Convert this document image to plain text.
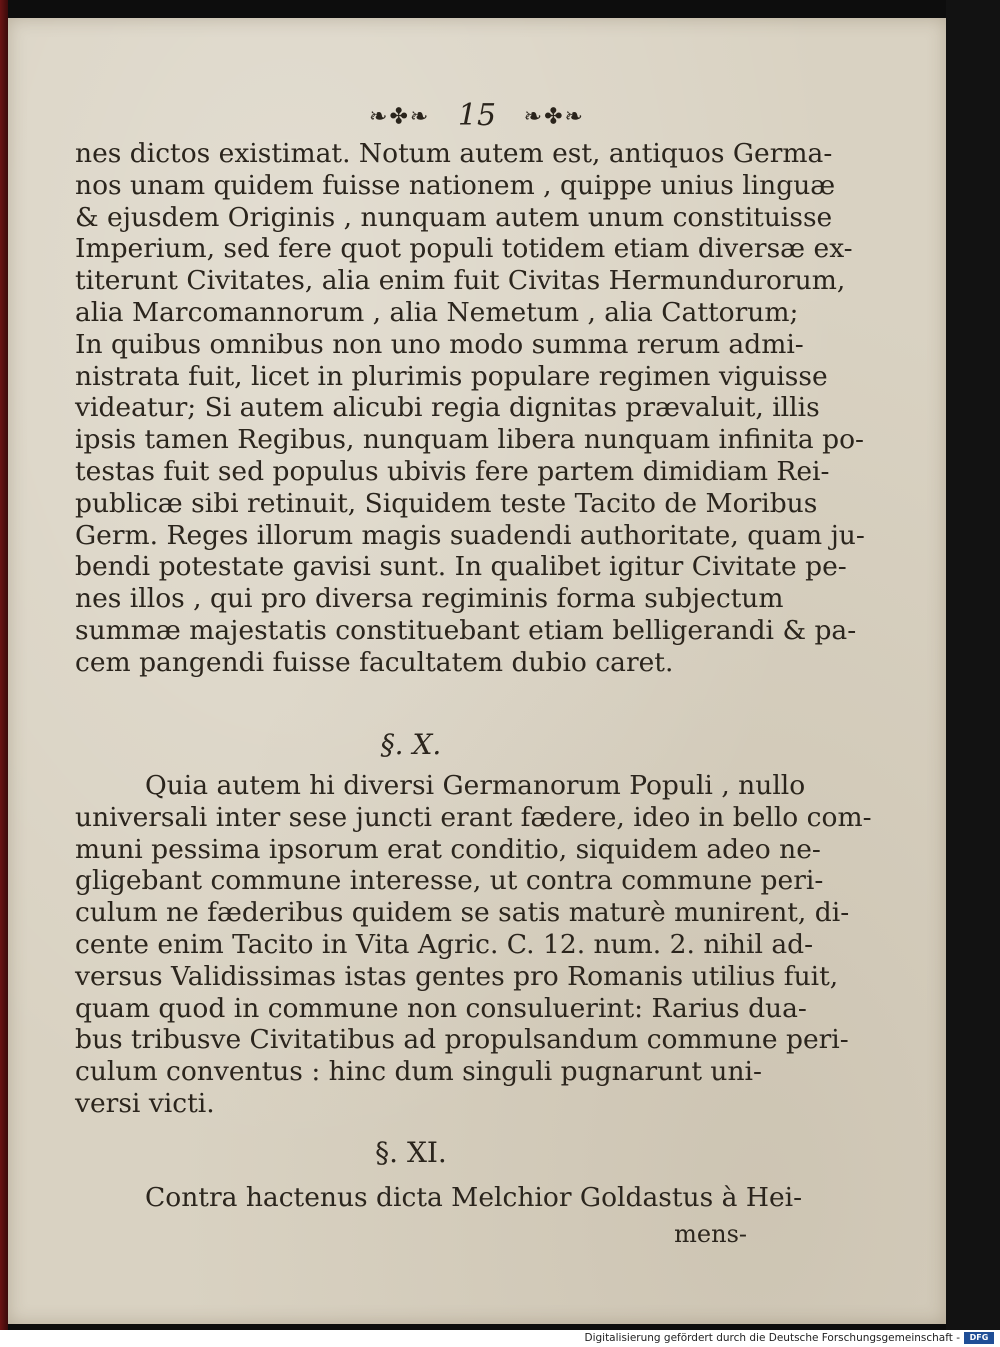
❧✤❧ 15 ❧✤❧
nes dictos existimat. Notum autem est, antiquos Germa-
nos unam quidem fuisse nationem , quippe unius linguæ
& ejusdem Originis , nunquam autem unum constituisse
Imperium, sed fere quot populi totidem etiam diversæ ex-
titerunt Civitates, alia enim fuit Civitas Hermundurorum,
alia Marcomannorum , alia Nemetum , alia Cattorum;
In quibus omnibus non uno modo summa rerum admi-
nistrata fuit, licet in plurimis populare regimen viguisse
videatur; Si autem alicubi regia dignitas prævaluit, illis
ipsis tamen Regibus, nunquam libera nunquam infinita po-
testas fuit sed populus ubivis fere partem dimidiam Rei-
publicæ sibi retinuit, Siquidem teste Tacito de Moribus
Germ. Reges illorum magis suadendi authoritate, quam ju-
bendi potestate gavisi sunt. In qualibet igitur Civitate pe-
nes illos , qui pro diversa regiminis forma subjectum
summæ majestatis constituebant etiam belligerandi & pa-
cem pangendi fuisse facultatem dubio caret.
§. X.
Quia autem hi diversi Germanorum Populi , nullo
universali inter sese juncti erant fædere, ideo in bello com-
muni pessima ipsorum erat conditio, siquidem adeo ne-
gligebant commune interesse, ut contra commune peri-
culum ne fæderibus quidem se satis maturè munirent, di-
cente enim Tacito in Vita Agric. C. 12. num. 2. nihil ad-
versus Validissimas istas gentes pro Romanis utilius fuit,
quam quod in commune non consuluerint: Rarius dua-
bus tribusve Civitatibus ad propulsandum commune peri-
culum conventus : hinc dum singuli pugnarunt uni-
versi victi.
§. XI.
Contra hactenus dicta Melchior Goldastus à Hei-
mens-
Digitalisierung gefördert durch die Deutsche Forschungsgemeinschaft -	DFG
